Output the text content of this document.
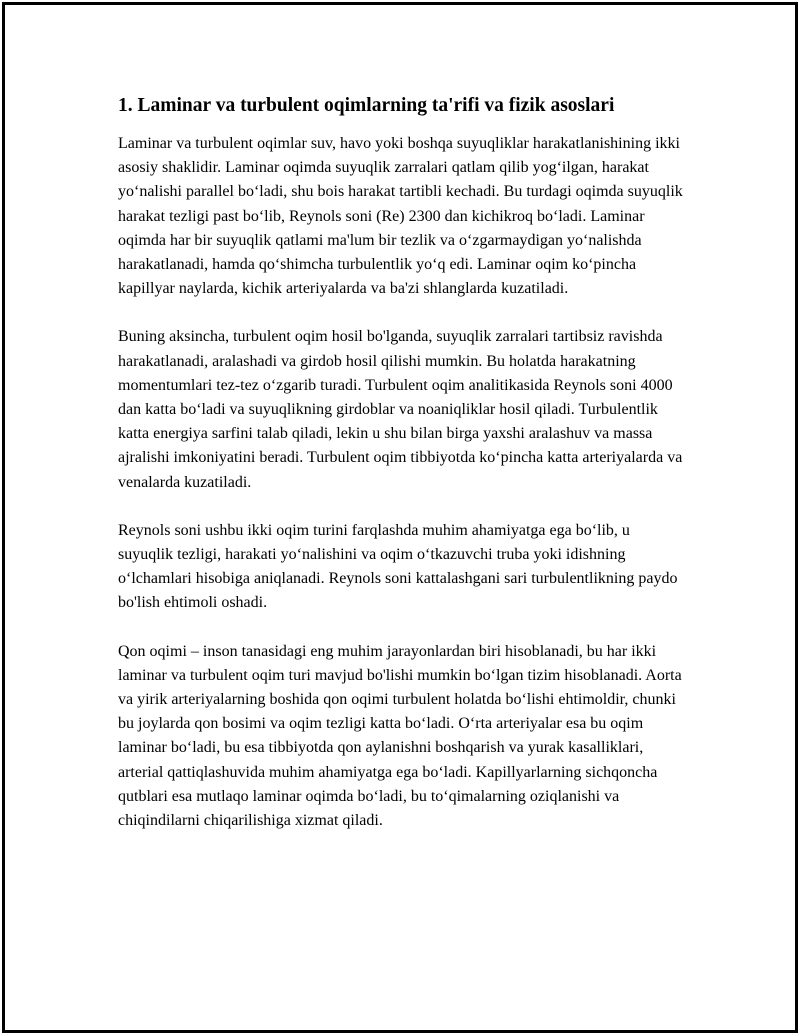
1. Laminar va turbulent oqimlarning ta'rifi va fizik asoslari

Laminar va turbulent oqimlar suv, havo yoki boshqa suyuqliklar harakatlanishining ikki asosiy shaklidir. Laminar oqimda suyuqlik zarralari qatlam qilib yog‘ilgan, harakat yo‘nalishi parallel bo‘ladi, shu bois harakat tartibli kechadi. Bu turdagi oqimda suyuqlik harakat tezligi past bo‘lib, Reynols soni (Re) 2300 dan kichikroq bo‘ladi. Laminar oqimda har bir suyuqlik qatlami ma'lum bir tezlik va o‘zgarmaydigan yo‘nalishda harakatlanadi, hamda qo‘shimcha turbulentlik yo‘q edi. Laminar oqim ko‘pincha kapillyar naylarda, kichik arteriyalarda va ba'zi shlanglarda kuzatiladi.

Buning aksincha, turbulent oqim hosil bo'lganda, suyuqlik zarralari tartibsiz ravishda harakatlanadi, aralashadi va girdob hosil qilishi mumkin. Bu holatda harakatning momentumlari tez-tez o‘zgarib turadi. Turbulent oqim analitikasida Reynols soni 4000 dan katta bo‘ladi va suyuqlikning girdoblar va noaniqliklar hosil qiladi. Turbulentlik katta energiya sarfini talab qiladi, lekin u shu bilan birga yaxshi aralashuv va massa ajralishi imkoniyatini beradi. Turbulent oqim tibbiyotda ko‘pincha katta arteriyalarda va venalarda kuzatiladi.

Reynols soni ushbu ikki oqim turini farqlashda muhim ahamiyatga ega bo‘lib, u suyuqlik tezligi, harakati yo‘nalishini va oqim o‘tkazuvchi truba yoki idishning o‘lchamlari hisobiga aniqlanadi. Reynols soni kattalashgani sari turbulentlikning paydo bo'lish ehtimoli oshadi.

Qon oqimi – inson tanasidagi eng muhim jarayonlardan biri hisoblanadi, bu har ikki laminar va turbulent oqim turi mavjud bo'lishi mumkin bo‘lgan tizim hisoblanadi. Aorta va yirik arteriyalarning boshida qon oqimi turbulent holatda bo‘lishi ehtimoldir, chunki bu joylarda qon bosimi va oqim tezligi katta bo‘ladi. O‘rta arteriyalar esa bu oqim laminar bo‘ladi, bu esa tibbiyotda qon aylanishni boshqarish va yurak kasalliklari, arterial qattiqlashuvida muhim ahamiyatga ega bo‘ladi. Kapillyarlarning sichqoncha qutblari esa mutlaqo laminar oqimda bo‘ladi, bu to‘qimalarning oziqlanishi va chiqindilarni chiqarilishiga xizmat qiladi.
